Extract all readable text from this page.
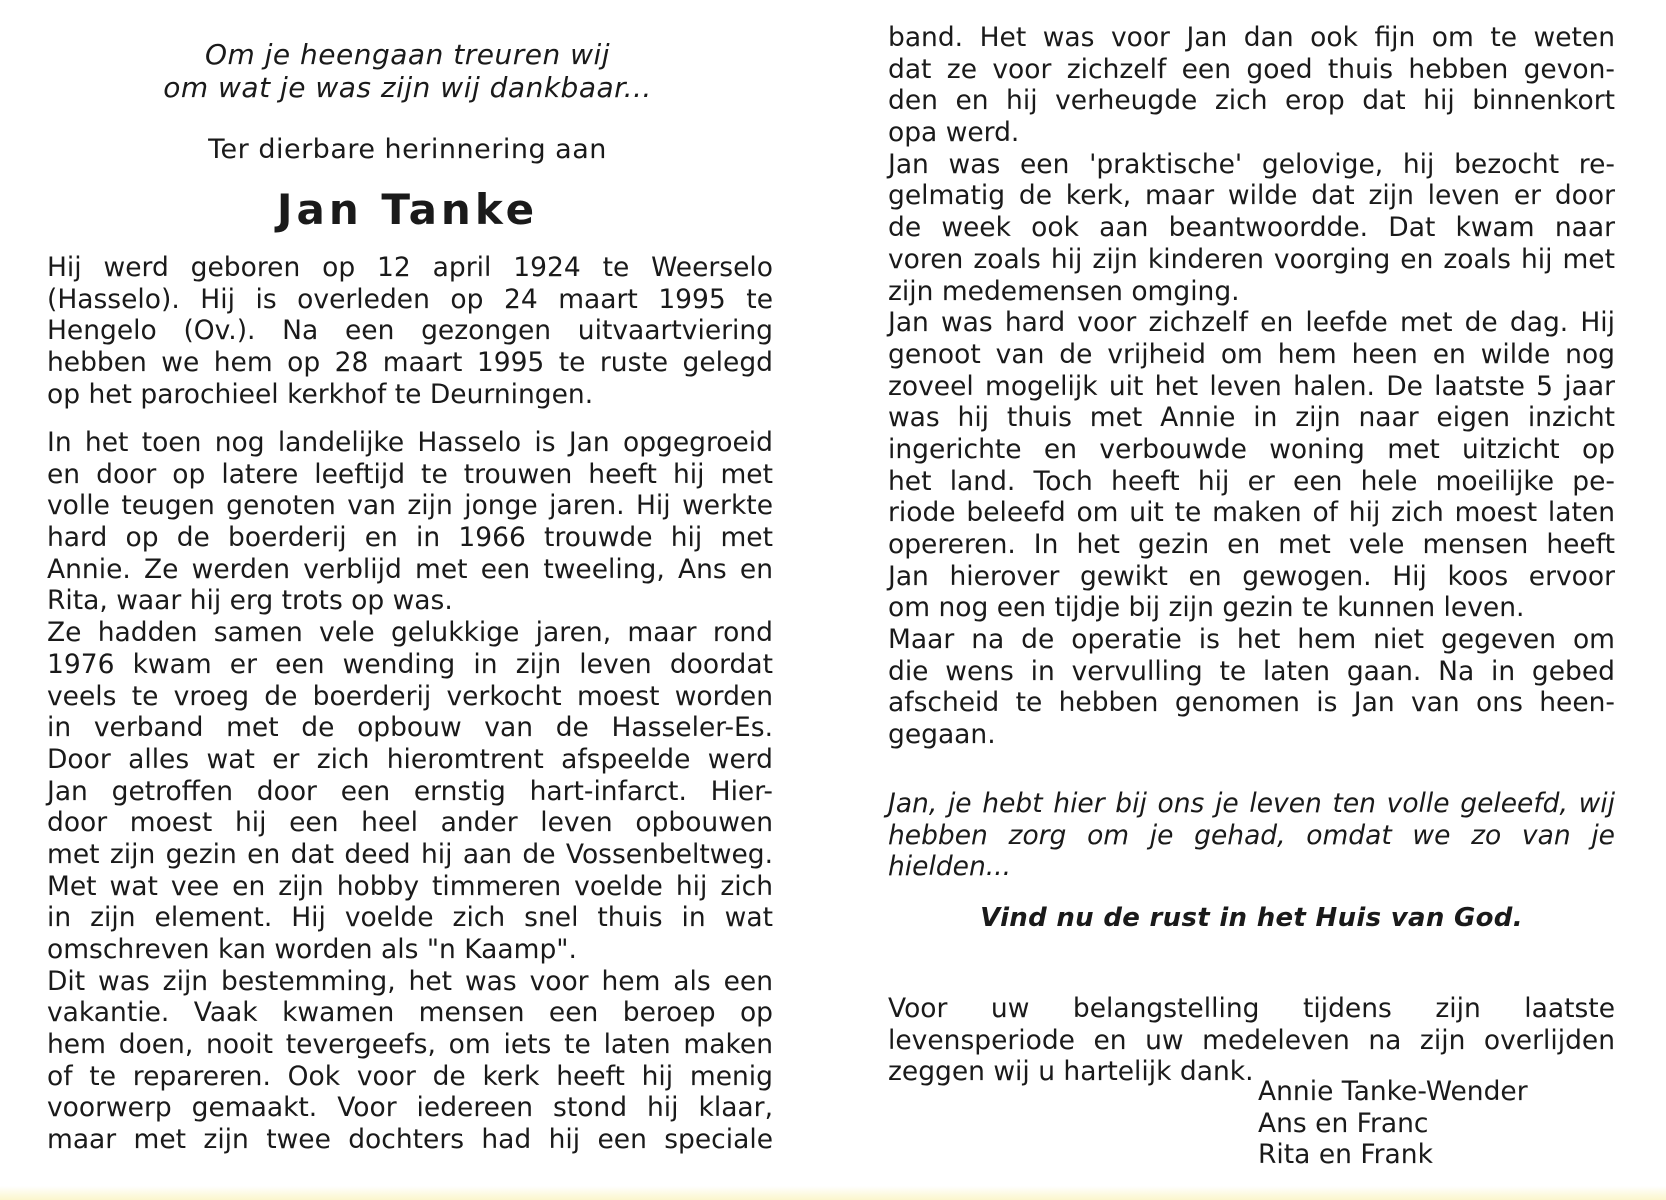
Om je heengaan treuren wij
om wat je was zijn wij dankbaar...
Ter dierbare herinnering aan
Jan Tanke
Hij werd geboren op 12 april 1924 te Weerselo
(Hasselo). Hij is overleden op 24 maart 1995 te
Hengelo (Ov.). Na een gezongen uitvaartviering
hebben we hem op 28 maart 1995 te ruste gelegd
op het parochieel kerkhof te Deurningen.
In het toen nog landelijke Hasselo is Jan opgegroeid
en door op latere leeftijd te trouwen heeft hij met
volle teugen genoten van zijn jonge jaren. Hij werkte
hard op de boerderij en in 1966 trouwde hij met
Annie. Ze werden verblijd met een tweeling, Ans en
Rita, waar hij erg trots op was.
Ze hadden samen vele gelukkige jaren, maar rond
1976 kwam er een wending in zijn leven doordat
veels te vroeg de boerderij verkocht moest worden
in verband met de opbouw van de Hasseler-Es.
Door alles wat er zich hieromtrent afspeelde werd
Jan getroffen door een ernstig hart-infarct. Hier-
door moest hij een heel ander leven opbouwen
met zijn gezin en dat deed hij aan de Vossenbeltweg.
Met wat vee en zijn hobby timmeren voelde hij zich
in zijn element. Hij voelde zich snel thuis in wat
omschreven kan worden als "n Kaamp".
Dit was zijn bestemming, het was voor hem als een
vakantie. Vaak kwamen mensen een beroep op
hem doen, nooit tevergeefs, om iets te laten maken
of te repareren. Ook voor de kerk heeft hij menig
voorwerp gemaakt. Voor iedereen stond hij klaar,
maar met zijn twee dochters had hij een speciale
band. Het was voor Jan dan ook fijn om te weten
dat ze voor zichzelf een goed thuis hebben gevon-
den en hij verheugde zich erop dat hij binnenkort
opa werd.
Jan was een 'praktische' gelovige, hij bezocht re-
gelmatig de kerk, maar wilde dat zijn leven er door
de week ook aan beantwoordde. Dat kwam naar
voren zoals hij zijn kinderen voorging en zoals hij met
zijn medemensen omging.
Jan was hard voor zichzelf en leefde met de dag. Hij
genoot van de vrijheid om hem heen en wilde nog
zoveel mogelijk uit het leven halen. De laatste 5 jaar
was hij thuis met Annie in zijn naar eigen inzicht
ingerichte en verbouwde woning met uitzicht op
het land. Toch heeft hij er een hele moeilijke pe-
riode beleefd om uit te maken of hij zich moest laten
opereren. In het gezin en met vele mensen heeft
Jan hierover gewikt en gewogen. Hij koos ervoor
om nog een tijdje bij zijn gezin te kunnen leven.
Maar na de operatie is het hem niet gegeven om
die wens in vervulling te laten gaan. Na in gebed
afscheid te hebben genomen is Jan van ons heen-
gegaan.
Jan, je hebt hier bij ons je leven ten volle geleefd, wij
hebben zorg om je gehad, omdat we zo van je
hielden...
Vind nu de rust in het Huis van God.
Voor uw belangstelling tijdens zijn laatste
levensperiode en uw medeleven na zijn overlijden
zeggen wij u hartelijk dank.
Annie Tanke-Wender
Ans en Franc
Rita en Frank
